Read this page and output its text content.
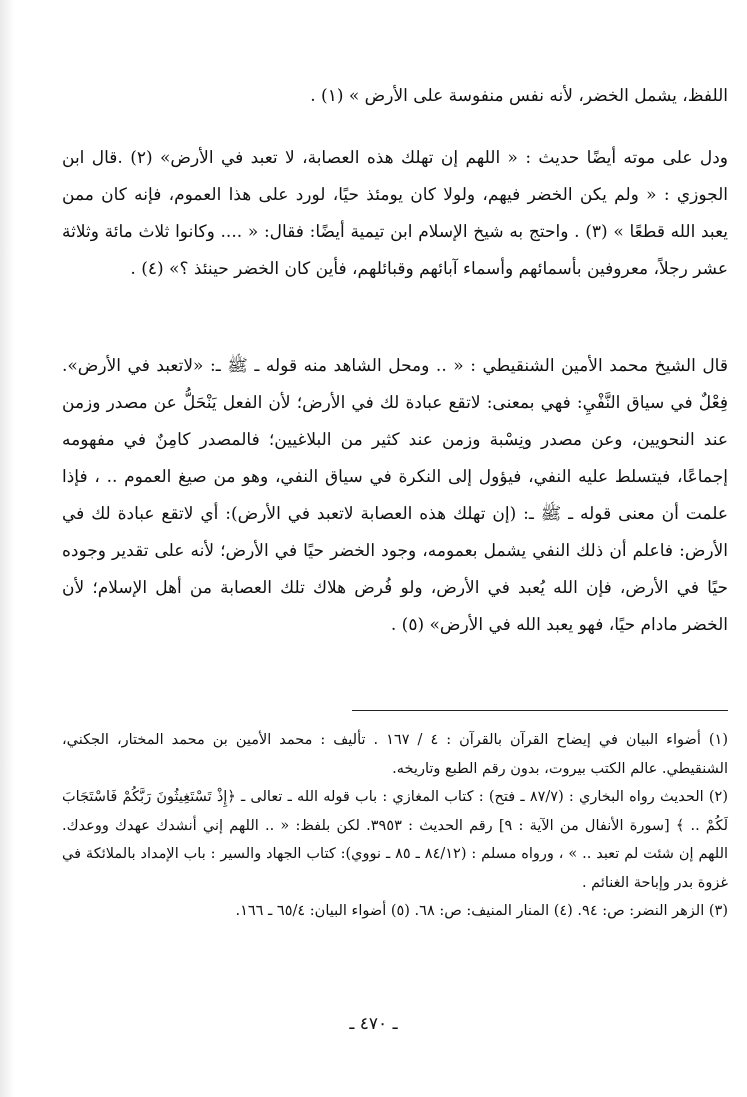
اللفظ، يشمل الخضر، لأنه نفس منفوسة على الأرض » (١) .

ودل على موته أيضًا حديث : « اللهم إن تهلك هذه العصابة، لا تعبد في الأرض» (٢) .قال ابن الجوزي : « ولم يكن الخضر فيهم، ولولا كان يومئذ حيًا، لورد على هذا العموم، فإنه كان ممن يعبد الله قطعًا » (٣) . واحتج به شيخ الإسلام ابن تيمية أيضًا: فقال: « .... وكانوا ثلاث مائة وثلاثة عشر رجلاً، معروفين بأسمائهم وأسماء آبائهم وقبائلهم، فأين كان الخضر حينئذ ؟» (٤) .

قال الشيخ محمد الأمين الشنقيطي : « .. ومحل الشاهد منه قوله ـ ﷺ ـ: «لاتعبد في الأرض». فِعْلٌ في سياق النَّفْيِ: فهي بمعنى: لاتقع عبادة لك في الأرض؛ لأن الفعل يَنْحَلُّ عن مصدر وزمن عند النحويين، وعن مصدر ونِسْبة وزمن عند كثير من البلاغيين؛ فالمصدر كامِنٌ في مفهومه إجماعًا، فيتسلط عليه النفي، فيؤول إلى النكرة في سياق النفي، وهو من صيغ العموم .. ، فإذا علمت أن معنى قوله ـ ﷺ ـ: (إن تهلك هذه العصابة لاتعبد في الأرض): أي لاتقع عبادة لك في الأرض: فاعلم أن ذلك النفي يشمل بعمومه، وجود الخضر حيًا في الأرض؛ لأنه على تقدير وجوده حيًا في الأرض، فإن الله يُعبد في الأرض، ولو فُرض هلاك تلك العصابة من أهل الإسلام؛ لأن الخضر مادام حيًا، فهو يعبد الله في الأرض» (٥) .

(١) أضواء البيان في إيضاح القرآن بالقرآن : ٤ / ١٦٧ . تأليف : محمد الأمين بن محمد المختار، الجكني، الشنقيطي. عالم الكتب بيروت، بدون رقم الطبع وتاريخه.

(٢) الحديث رواه البخاري : (٨٧/٧ ـ فتح) : كتاب المغازي : باب قوله الله ـ تعالى ـ ﴿إِذْ تَسْتَغِيثُونَ رَبَّكُمْ فَاسْتَجَابَ لَكُمْ .. ﴾ [سورة الأنفال من الآية : ٩] رقم الحديث : ٣٩٥٣. لكن بلفظ: « .. اللهم إني أنشدك عهدك ووعدك. اللهم إن شئت لم تعبد .. » ، ورواه مسلم : (٨٤/١٢ ـ ٨٥ ـ نووي): كتاب الجهاد والسير : باب الإمداد بالملائكة في غزوة بدر وإباحة الغنائم .

(٣) الزهر النضر: ص: ٩٤. (٤) المنار المنيف: ص: ٦٨. (٥) أضواء البيان: ٦٥/٤ ـ ١٦٦.

ـ ٤٧٠ ـ
